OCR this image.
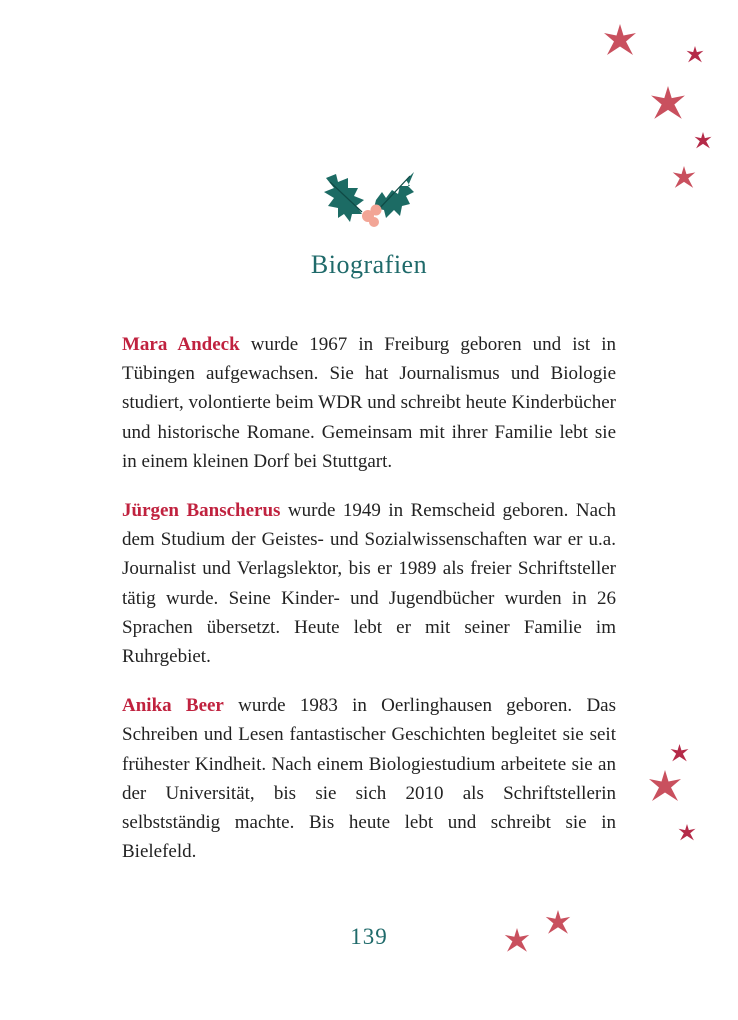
Biografien

Mara Andeck wurde 1967 in Freiburg geboren und ist in Tübingen aufgewachsen. Sie hat Journalismus und Biologie studiert, volontierte beim WDR und schreibt heute Kinderbücher und historische Romane. Gemeinsam mit ihrer Familie lebt sie in einem kleinen Dorf bei Stuttgart.

Jürgen Banscherus wurde 1949 in Remscheid geboren. Nach dem Studium der Geistes- und Sozialwissenschaften war er u.a. Journalist und Verlagslektor, bis er 1989 als freier Schriftsteller tätig wurde. Seine Kinder- und Jugendbücher wurden in 26 Sprachen übersetzt. Heute lebt er mit seiner Familie im Ruhrgebiet.

Anika Beer wurde 1983 in Oerlinghausen geboren. Das Schreiben und Lesen fantastischer Geschichten begleitet sie seit frühester Kindheit. Nach einem Biologiestudium arbeitete sie an der Universität, bis sie sich 2010 als Schriftstellerin selbstständig machte. Bis heute lebt und schreibt sie in Bielefeld.

139
